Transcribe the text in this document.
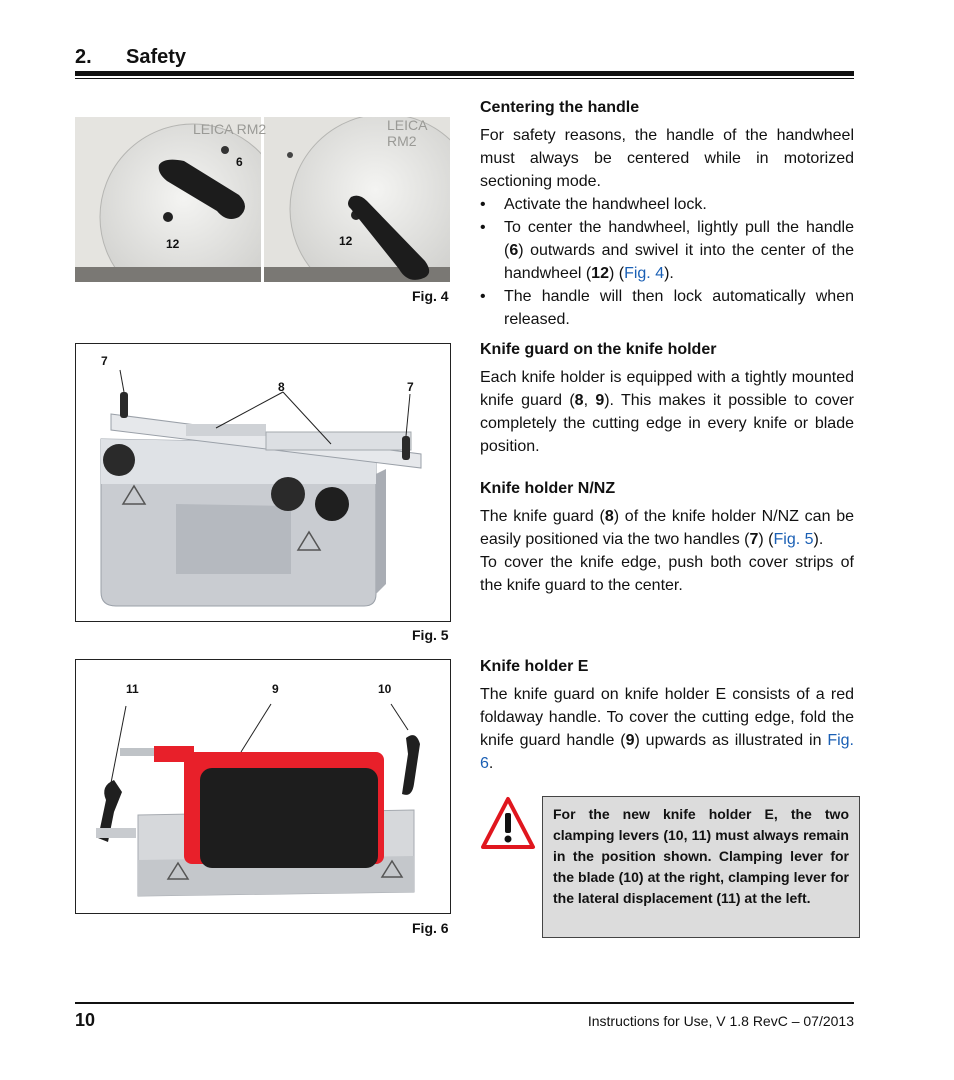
2. Safety
LEICA RM2	LEICA RM2
6
12	12
Fig. 4
7
8	7
Fig. 5
11	9	10
Fig. 6
Centering the handle

For safety reasons, the handle of the handwheel must always be centered while in motorized sectioning mode.

• Activate the handwheel lock.
• To center the handwheel, lightly pull the handle (6) outwards and swivel it into the center of the handwheel (12) (Fig. 4).
• The handle will then lock automatically when released.
Knife guard on the knife holder

Each knife holder is equipped with a tightly mounted knife guard (8, 9). This makes it possible to cover completely the cutting edge in every knife or blade position.

Knife holder N/NZ

The knife guard (8) of the knife holder N/NZ can be easily positioned via the two handles (7) (Fig. 5).

To cover the knife edge, push both cover strips of the knife guard to the center.

Knife holder E

The knife guard on knife holder E consists of a red foldaway handle. To cover the cutting edge, fold the knife guard handle (9) upwards as illustrated in Fig. 6.

For the new knife holder E, the two clamping levers (10, 11) must always remain in the position shown. Clamping lever for the blade (10) at the right, clamping lever for the lateral displacement (11) at the left.
10	Instructions for Use, V 1.8 RevC – 07/2013
